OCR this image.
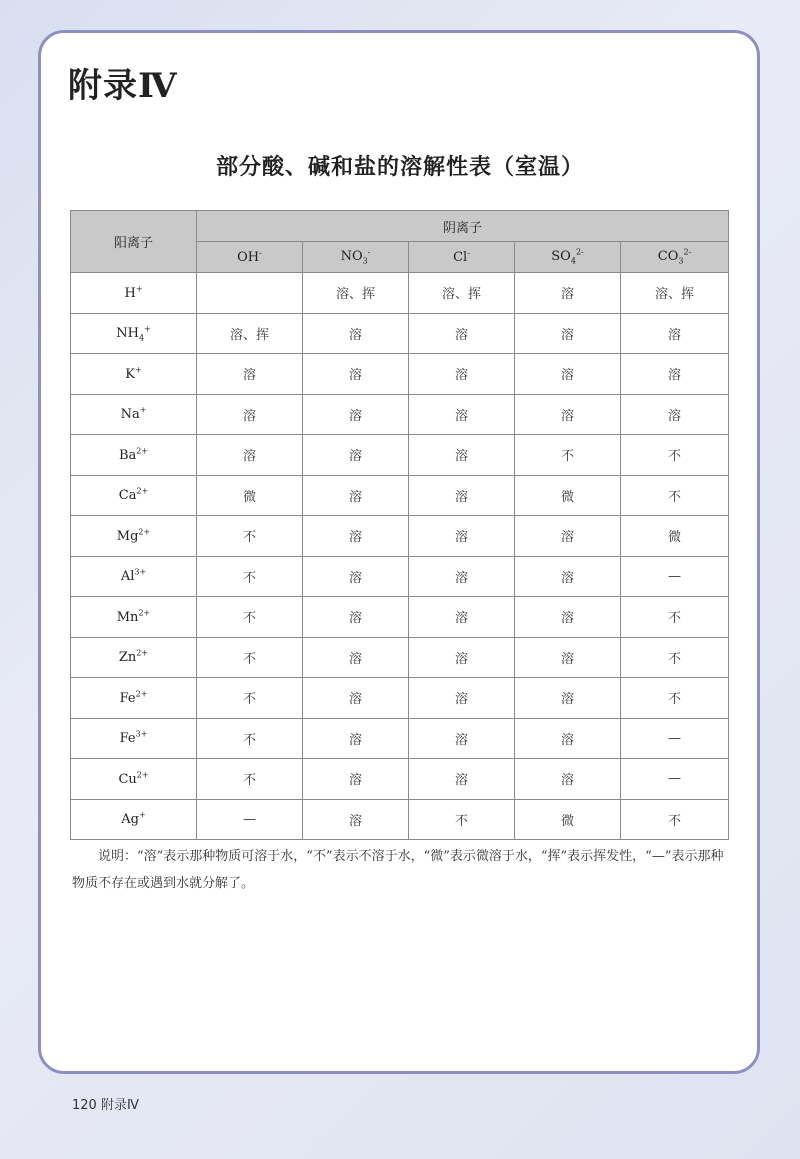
附录Ⅳ
部分酸、碱和盐的溶解性表（室温）
阳离子	阴离子				
	OH-	$NO_3^-$	Cl-	$SO_4^{2-}$	$CO_3^{2-}$
H+		溶、挥	溶、挥	溶	溶、挥
$NH_4^+$	溶、挥	溶	溶	溶	溶
K+	溶	溶	溶	溶	溶
Na+	溶	溶	溶	溶	溶
$Ba^{2+}$	溶	溶	溶	不	不
$Ca^{2+}$	微	溶	溶	微	不
$Mg^{2+}$	不	溶	溶	溶	微
$Al^{3+}$	不	溶	溶	溶	—
$Mn^{2+}$	不	溶	溶	溶	不
$Zn^{2+}$	不	溶	溶	溶	不
$Fe^{2+}$	不	溶	溶	溶	不
$Fe^{3+}$	不	溶	溶	溶	—
$Cu^{2+}$	不	溶	溶	溶	—
Ag+	—	溶	不	微	不
说明：“溶”表示那种物质可溶于水，“不”表示不溶于水，“微”表示微溶于水，“挥”表示挥发性，“—”表示那种物质不存在或遇到水就分解了。
120 附录Ⅳ
